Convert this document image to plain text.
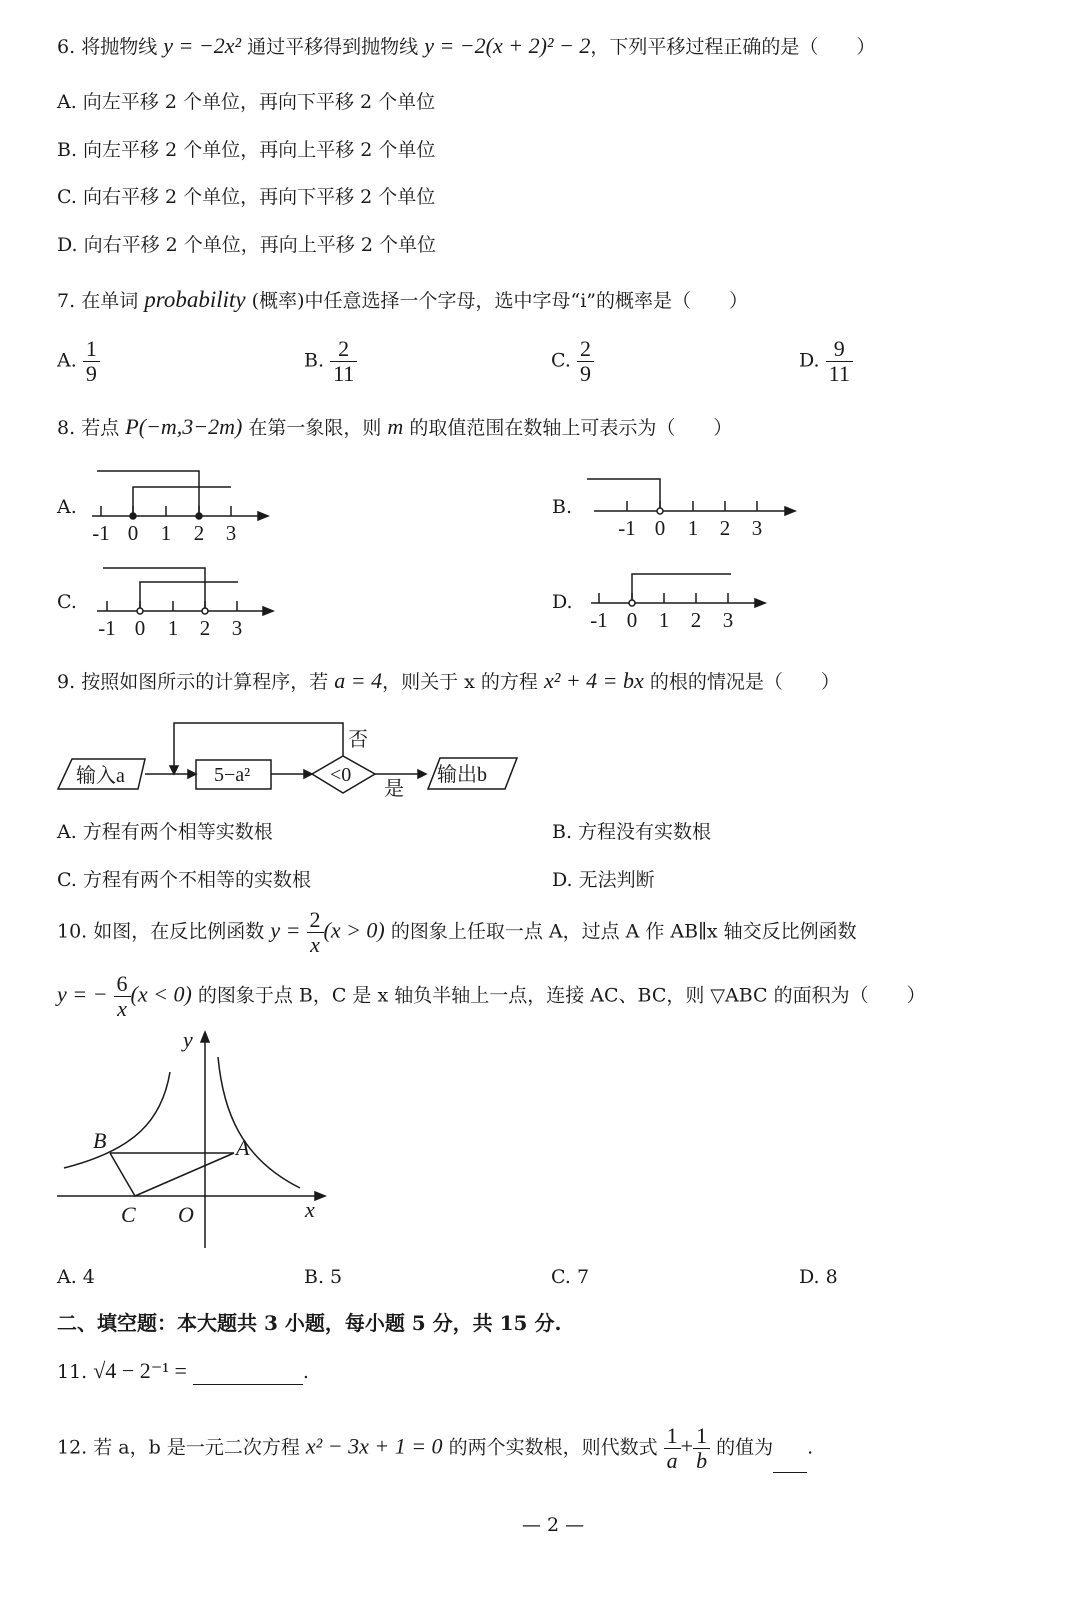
6. 将抛物线 y = −2x² 通过平移得到抛物线 y = −2(x + 2)² − 2，下列平移过程正确的是（　　）
A. 向左平移 2 个单位，再向下平移 2 个单位
B. 向左平移 2 个单位，再向上平移 2 个单位
C. 向右平移 2 个单位，再向下平移 2 个单位
D. 向右平移 2 个单位，再向上平移 2 个单位
7. 在单词 probability (概率)中任意选择一个字母，选中字母“i”的概率是（　　）
A. $\frac{1}{9}$	B. $\frac{2}{11}$	C. $\frac{2}{9}$	D. $\frac{9}{11}$
8. 若点 P(−m,3−2m) 在第一象限，则 m 的取值范围在数轴上可表示为（　　）
A.
-1 0 1 2 3	-1 0 1 2 3
-1 0 1 2 3	-1 0 1 2 3
输入a	5−a²	<0
否
是
输出b
y
x
B	A
C O
B.
C.	D.
9. 按照如图所示的计算程序，若 a = 4，则关于 x 的方程 x² + 4 = bx 的根的情况是（　　）
A. 方程有两个相等实数根	B. 方程没有实数根
C. 方程有两个不相等的实数根	D. 无法判断
10. 如图，在反比例函数 $y = \frac{2}{x} (x > 0)$ 的图象上任取一点 A，过点 A 作 AB∥x 轴交反比例函数
y = − $\frac{6}{x} (x < 0)$ 的图象于点 B，C 是 x 轴负半轴上一点，连接 AC、BC，则 ▽ABC 的面积为（　　）
A. 4	B. 5	C. 7	D. 8
二、填空题：本大题共 3 小题，每小题 5 分，共 15 分.
11. √4 − 2⁻¹ =	.
12. 若 a，b 是一元二次方程 x² − 3x + 1 = 0 的两个实数根，则代数式 $\frac{1}{a} + \frac{1}{b}$ 的值为 .
— 2 —
